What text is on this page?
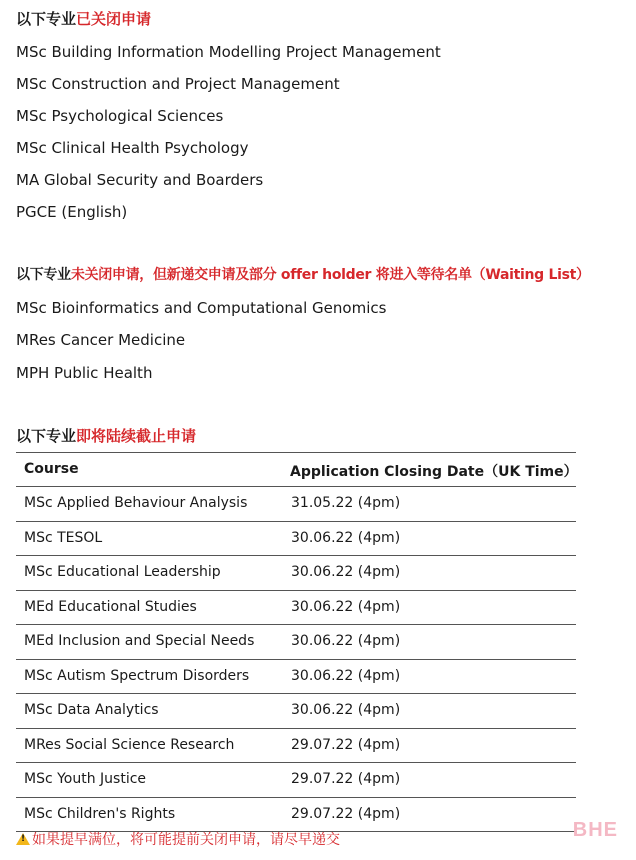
以下专业已关闭申请
MSc Building Information Modelling Project Management
MSc Construction and Project Management
MSc Psychological Sciences
MSc Clinical Health Psychology
MA Global Security and Boarders
PGCE (English)
以下专业未关闭申请，但新递交申请及部分 offer holder 将进入等待名单（Waiting List）
MSc Bioinformatics and Computational Genomics
MRes Cancer Medicine
MPH Public Health
以下专业即将陆续截止申请
Course	Application Closing Date（UK Time）
MSc Applied Behaviour Analysis	31.05.22 (4pm)
MSc TESOL	30.06.22 (4pm)
MSc Educational Leadership	30.06.22 (4pm)
MEd Educational Studies	30.06.22 (4pm)
MEd Inclusion and Special Needs	30.06.22 (4pm)
MSc Autism Spectrum Disorders	30.06.22 (4pm)
MSc Data Analytics	30.06.22 (4pm)
MRes Social Science Research	29.07.22 (4pm)
MSc Youth Justice	29.07.22 (4pm)
MSc Children's Rights	29.07.22 (4pm)
!如果提早满位，将可能提前关闭申请，请尽早递交	BHE
